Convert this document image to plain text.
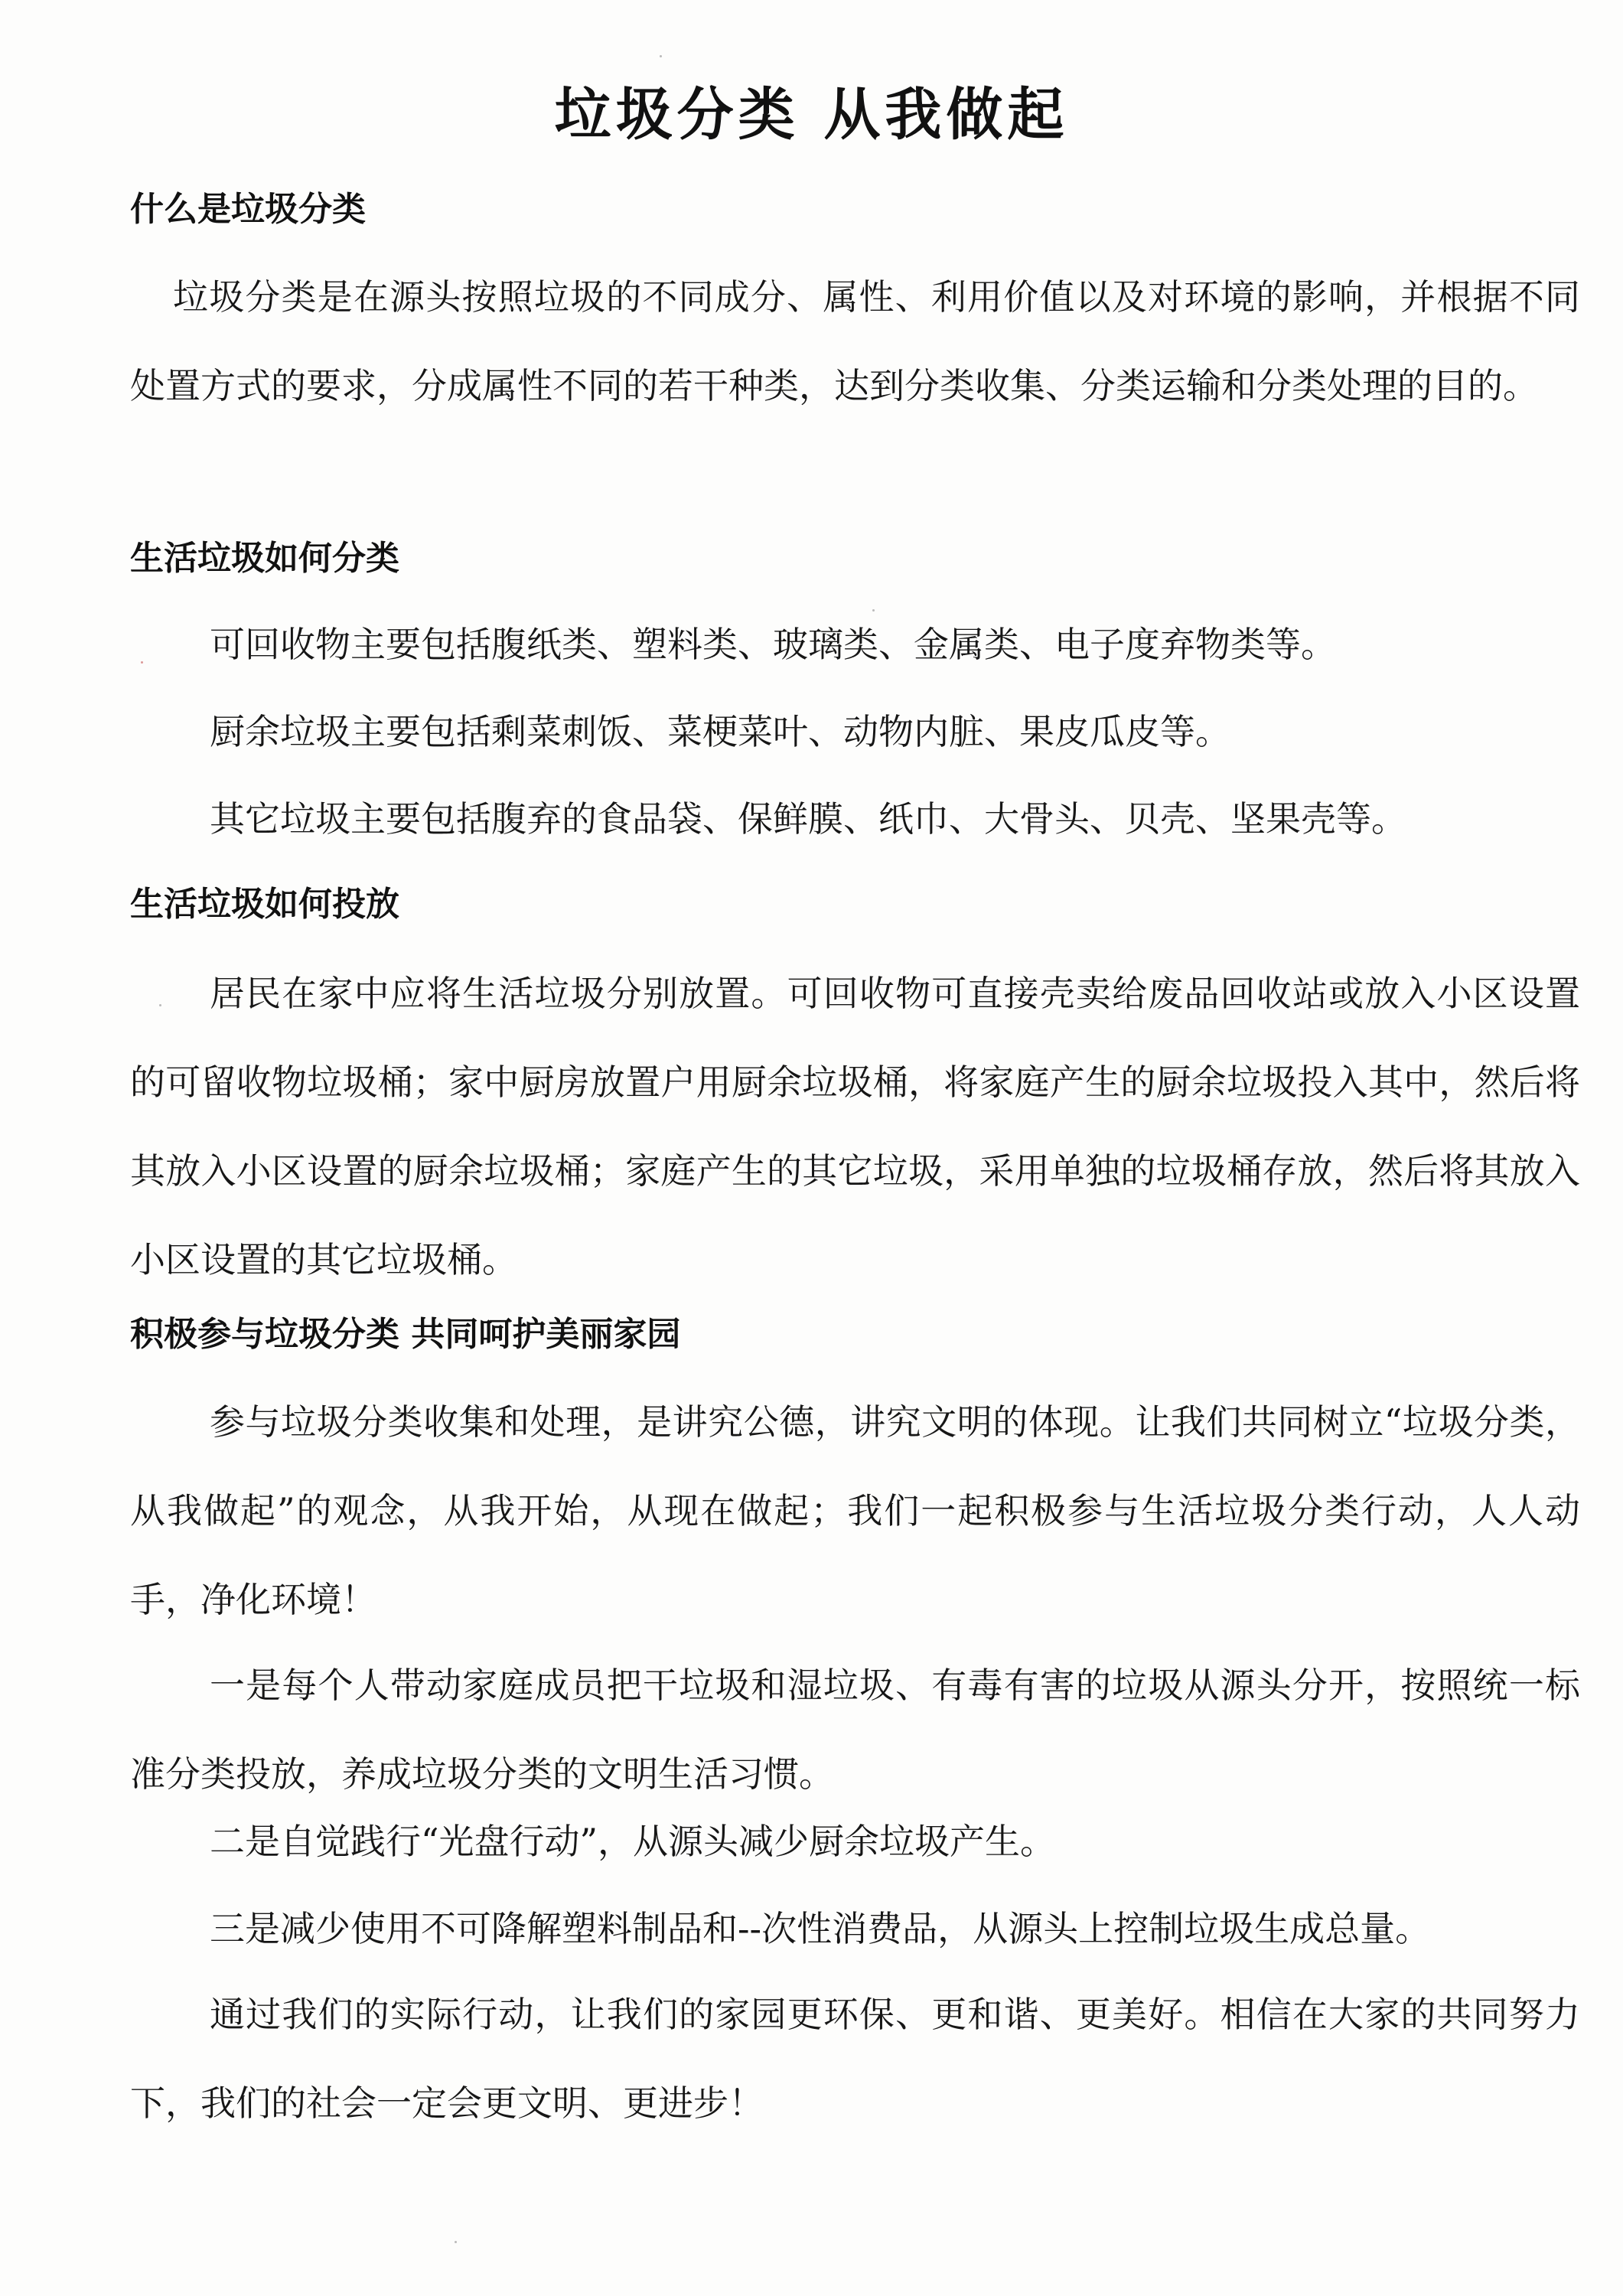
垃圾分类 从我做起
什么是垃圾分类
垃圾分类是在源头按照垃圾的不同成分、属性、利用价值以及对环境的影响，并根据不同处置方式的要求，分成属性不同的若干种类，达到分类收集、分类运输和分类处理的目的。
生活垃圾如何分类
可回收物主要包括腹纸类、塑料类、玻璃类、金属类、电子度弃物类等。
厨余垃圾主要包括剩菜刺饭、菜梗菜叶、动物内脏、果皮瓜皮等。
其它垃圾主要包括腹弃的食品袋、保鲜膜、纸巾、大骨头、贝壳、坚果壳等。
生活垃圾如何投放
居民在家中应将生活垃圾分别放置。可回收物可直接壳卖给废品回收站或放入小区设置的可留收物垃圾桶；家中厨房放置户用厨余垃圾桶，将家庭产生的厨余垃圾投入其中，然后将其放入小区设置的厨余垃圾桶；家庭产生的其它垃圾，采用单独的垃圾桶存放，然后将其放入小区设置的其它垃圾桶。
积极参与垃圾分类 共同呵护美丽家园
参与垃圾分类收集和处理，是讲究公德，讲究文明的体现。让我们共同树立“垃圾分类，从我做起”的观念，从我开始，从现在做起；我们一起积极参与生活垃圾分类行动，人人动手，净化环境！
一是每个人带动家庭成员把干垃圾和湿垃圾、有毒有害的垃圾从源头分开，按照统一标准分类投放，养成垃圾分类的文明生活习惯。
二是自觉践行“光盘行动”，从源头减少厨余垃圾产生。
三是减少使用不可降解塑料制品和--次性消费品，从源头上控制垃圾生成总量。
通过我们的实际行动，让我们的家园更环保、更和谐、更美好。相信在大家的共同努力下，我们的社会一定会更文明、更进步！
